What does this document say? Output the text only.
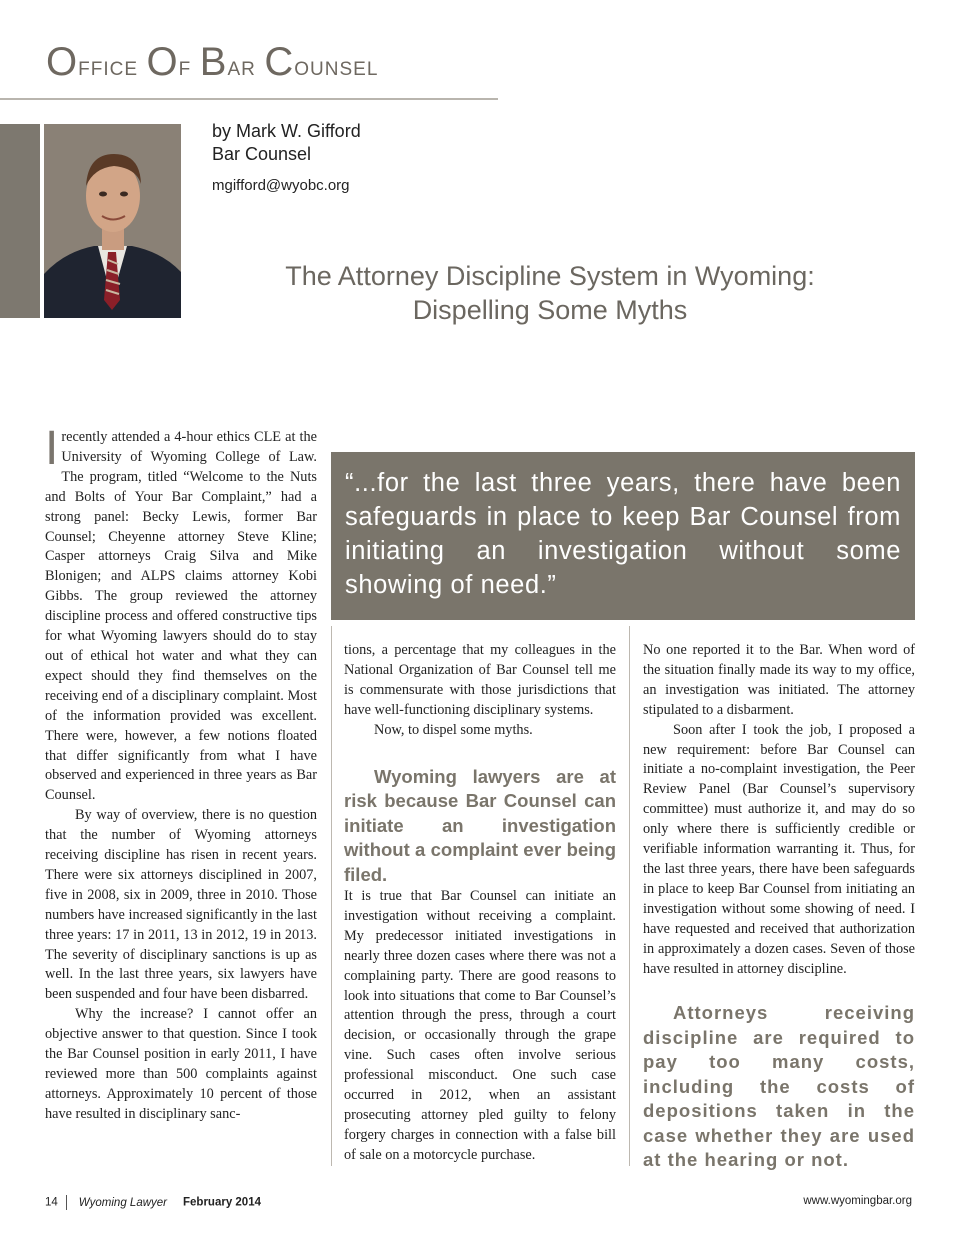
Office Of Bar Counsel
by Mark W. Gifford
Bar Counsel
mgifford@wyobc.org
The Attorney Discipline System in Wyoming:
Dispelling Some Myths
I recently attended a 4-hour ethics CLE at the University of Wyoming College of Law. The program, titled “Welcome to the Nuts and Bolts of Your Bar Complaint,” had a strong panel: Becky Lewis, former Bar Counsel; Cheyenne attorney Steve Kline; Casper attorneys Craig Silva and Mike Blonigen; and ALPS claims attorney Kobi Gibbs. The group reviewed the attorney discipline process and offered constructive tips for what Wyoming lawyers should do to stay out of ethical hot water and what they can expect should they find themselves on the receiving end of a disciplinary complaint. Most of the information provided was excellent. There were, however, a few notions floated that differ significantly from what I have observed and experienced in three years as Bar Counsel.

By way of overview, there is no question that the number of Wyoming attorneys receiving discipline has risen in recent years. There were six attorneys disciplined in 2007, five in 2008, six in 2009, three in 2010. Those numbers have increased significantly in the last three years: 17 in 2011, 13 in 2012, 19 in 2013. The severity of disciplinary sanctions is up as well. In the last three years, six lawyers have been suspended and four have been disbarred.

Why the increase? I cannot offer an objective answer to that question. Since I took the Bar Counsel position in early 2011, I have reviewed more than 500 complaints against attorneys. Approximately 10 percent of those have resulted in disciplinary sanc-

“...for the last three years, there have been safeguards in place to keep Bar Counsel from initiating an investigation without some showing of need.”

tions, a percentage that my colleagues in the National Organization of Bar Counsel tell me is commensurate with those jurisdictions that have well-functioning disciplinary systems.

Now, to dispel some myths.

Wyoming lawyers are at risk because Bar Counsel can initiate an investigation without a complaint ever being filed.

It is true that Bar Counsel can initiate an investigation without receiving a complaint. My predecessor initiated investigations in nearly three dozen cases where there was not a complaining party. There are good reasons to look into situations that come to Bar Counsel’s attention through the press, through a court decision, or occasionally through the grape vine. Such cases often involve serious professional misconduct. One such case occurred in 2012, when an assistant prosecuting attorney pled guilty to felony forgery charges in connection with a false bill of sale on a motorcycle purchase.

No one reported it to the Bar. When word of the situation finally made its way to my office, an investigation was initiated. The attorney stipulated to a disbarment.

Soon after I took the job, I proposed a new requirement: before Bar Counsel can initiate a no-complaint investigation, the Peer Review Panel (Bar Counsel’s supervisory committee) must authorize it, and may do so only where there is sufficiently credible or verifiable information warranting it. Thus, for the last three years, there have been safeguards in place to keep Bar Counsel from initiating an investigation without some showing of need. I have requested and received that authorization in approximately a dozen cases. Seven of those have resulted in attorney discipline.

Attorneys receiving discipline are required to pay too many costs, including the costs of depositions taken in the case whether they are used at the hearing or not.

14 Wyoming Lawyer February 2014	www.wyomingbar.org
